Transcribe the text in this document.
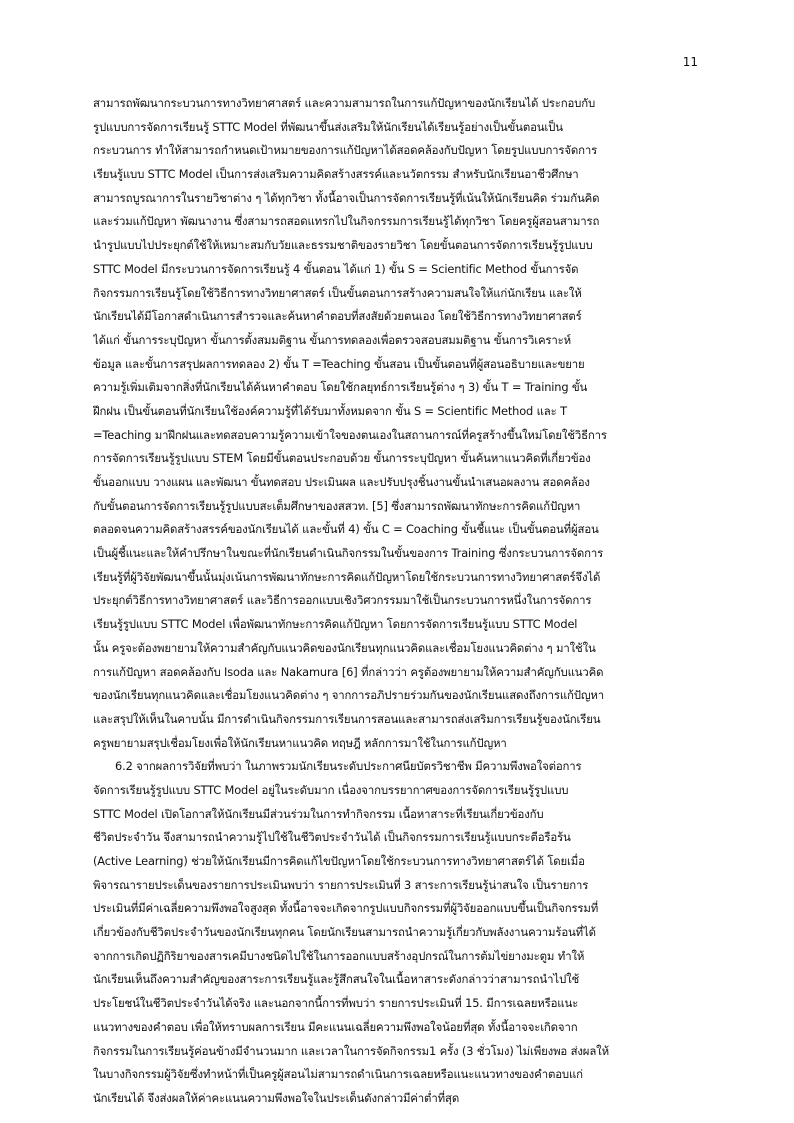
11
สามารถพัฒนากระบวนการทางวิทยาศาสตร์ และความสามารถในการแก้ปัญหาของนักเรียนได้ ประกอบกับ
รูปแบบการจัดการเรียนรู้ STTC Model ที่พัฒนาขึ้นส่งเสริมให้นักเรียนได้เรียนรู้อย่างเป็นขั้นตอนเป็น
กระบวนการ ทำให้สามารถกำหนดเป้าหมายของการแก้ปัญหาได้สอดคล้องกับปัญหา โดยรูปแบบการจัดการ
เรียนรู้แบบ STTC Model เป็นการส่งเสริมความคิดสร้างสรรค์และนวัตกรรม สำหรับนักเรียนอาชีวศึกษา
สามารถบูรณาการในรายวิชาต่าง ๆ ได้ทุกวิชา ทั้งนี้อาจเป็นการจัดการเรียนรู้ที่เน้นให้นักเรียนคิด ร่วมกันคิด
และร่วมแก้ปัญหา พัฒนางาน ซึ่งสามารถสอดแทรกไปในกิจกรรมการเรียนรู้ได้ทุกวิชา โดยครูผู้สอนสามารถ
นำรูปแบบไปประยุกต์ใช้ให้เหมาะสมกับวัยและธรรมชาติของรายวิชา โดยขั้นตอนการจัดการเรียนรู้รูปแบบ
STTC Model มีกระบวนการจัดการเรียนรู้ 4 ขั้นตอน ได้แก่ 1) ขั้น S = Scientific Method ขั้นการจัด
กิจกรรมการเรียนรู้โดยใช้วิธีการทางวิทยาศาสตร์ เป็นขั้นตอนการสร้างความสนใจให้แก่นักเรียน และให้
นักเรียนได้มีโอกาสดำเนินการสำรวจและค้นหาคำตอบที่สงสัยด้วยตนเอง โดยใช้วิธีการทางวิทยาศาสตร์
ได้แก่ ขั้นการระบุปัญหา ขั้นการตั้งสมมติฐาน ขั้นการทดลองเพื่อตรวจสอบสมมติฐาน ขั้นการวิเคราะห์
ข้อมูล และขั้นการสรุปผลการทดลอง 2) ขั้น T =Teaching ขั้นสอน เป็นขั้นตอนที่ผู้สอนอธิบายและขยาย
ความรู้เพิ่มเติมจากสิ่งที่นักเรียนได้ค้นหาคำตอบ โดยใช้กลยุทธ์การเรียนรู้ต่าง ๆ 3) ขั้น T = Training ขั้น
ฝึกฝน เป็นขั้นตอนที่นักเรียนใช้องค์ความรู้ที่ได้รับมาทั้งหมดจาก ขั้น S = Scientific Method และ T
=Teaching มาฝึกฝนและทดสอบความรู้ความเข้าใจของตนเองในสถานการณ์ที่ครูสร้างขึ้นใหม่โดยใช้วิธีการ
การจัดการเรียนรู้รูปแบบ STEM โดยมีขั้นตอนประกอบด้วย ขั้นการระบุปัญหา ขั้นค้นหาแนวคิดที่เกี่ยวข้อง
ขั้นออกแบบ วางแผน และพัฒนา ขั้นทดสอบ ประเมินผล และปรับปรุงชิ้นงานขั้นนำเสนอผลงาน สอดคล้อง
กับขั้นตอนการจัดการเรียนรู้รูปแบบสะเต็มศึกษาของสสวท. [5] ซึ่งสามารถพัฒนาทักษะการคิดแก้ปัญหา
ตลอดจนความคิดสร้างสรรค์ของนักเรียนได้ และขั้นที่ 4) ขั้น C = Coaching ขั้นชี้แนะ เป็นขั้นตอนที่ผู้สอน
เป็นผู้ชี้แนะและให้คำปรึกษาในขณะที่นักเรียนดำเนินกิจกรรมในขั้นของการ Training ซึ่งกระบวนการจัดการ
เรียนรู้ที่ผู้วิจัยพัฒนาขึ้นนั้นมุ่งเน้นการพัฒนาทักษะการคิดแก้ปัญหาโดยใช้กระบวนการทางวิทยาศาสตร์จึงได้
ประยุกต์วิธีการทางวิทยาศาสตร์ และวิธีการออกแบบเชิงวิศวกรรมมาใช้เป็นกระบวนการหนึ่งในการจัดการ
เรียนรู้รูปแบบ STTC Model เพื่อพัฒนาทักษะการคิดแก้ปัญหา โดยการจัดการเรียนรู้แบบ STTC Model
นั้น ครูจะต้องพยายามให้ความสำคัญกับแนวคิดของนักเรียนทุกแนวคิดและเชื่อมโยงแนวคิดต่าง ๆ มาใช้ใน
การแก้ปัญหา สอดคล้องกับ Isoda และ Nakamura [6] ที่กล่าวว่า ครูต้องพยายามให้ความสำคัญกับแนวคิด
ของนักเรียนทุกแนวคิดและเชื่อมโยงแนวคิดต่าง ๆ จากการอภิปรายร่วมกันของนักเรียนแสดงถึงการแก้ปัญหา
และสรุปให้เห็นในคาบนั้น มีการดำเนินกิจกรรมการเรียนการสอนและสามารถส่งเสริมการเรียนรู้ของนักเรียน
ครูพยายามสรุปเชื่อมโยงเพื่อให้นักเรียนหาแนวคิด ทฤษฎี หลักการมาใช้ในการแก้ปัญหา
6.2 จากผลการวิจัยที่พบว่า ในภาพรวมนักเรียนระดับประกาศนียบัตรวิชาชีพ มีความพึงพอใจต่อการ
จัดการเรียนรู้รูปแบบ STTC Model อยู่ในระดับมาก เนื่องจากบรรยากาศของการจัดการเรียนรู้รูปแบบ
STTC Model เปิดโอกาสให้นักเรียนมีส่วนร่วมในการทำกิจกรรม เนื้อหาสาระที่เรียนเกี่ยวข้องกับ
ชีวิตประจำวัน จึงสามารถนำความรู้ไปใช้ในชีวิตประจำวันได้ เป็นกิจกรรมการเรียนรู้แบบกระตือรือร้น
(Active Learning) ช่วยให้นักเรียนมีการคิดแก้ไขปัญหาโดยใช้กระบวนการทางวิทยาศาสตร์ได้ โดยเมื่อ
พิจารณารายประเด็นของรายการประเมินพบว่า รายการประเมินที่ 3 สาระการเรียนรู้น่าสนใจ เป็นรายการ
ประเมินที่มีค่าเฉลี่ยความพึงพอใจสูงสุด ทั้งนี้อาจจะเกิดจากรูปแบบกิจกรรมที่ผู้วิจัยออกแบบขึ้นเป็นกิจกรรมที่
เกี่ยวข้องกับชีวิตประจำวันของนักเรียนทุกคน โดยนักเรียนสามารถนำความรู้เกี่ยวกับพลังงานความร้อนที่ได้
จากการเกิดปฏิกิริยาของสารเคมีบางชนิดไปใช้ในการออกแบบสร้างอุปกรณ์ในการต้มไข่ยางมะตูม ทำให้
นักเรียนเห็นถึงความสำคัญของสาระการเรียนรู้และรู้สึกสนใจในเนื้อหาสาระดังกล่าวว่าสามารถนำไปใช้
ประโยชน์ในชีวิตประจำวันได้จริง และนอกจากนี้การที่พบว่า รายการประเมินที่ 15. มีการเฉลยหรือแนะ
แนวทางของคำตอบ เพื่อให้ทราบผลการเรียน มีคะแนนเฉลี่ยความพึงพอใจน้อยที่สุด ทั้งนี้อาจจะเกิดจาก
กิจกรรมในการเรียนรู้ค่อนข้างมีจำนวนมาก และเวลาในการจัดกิจกรรม1 ครั้ง (3 ชั่วโมง) ไม่เพียงพอ ส่งผลให้
ในบางกิจกรรมผู้วิจัยซึ่งทำหน้าที่เป็นครูผู้สอนไม่สามารถดำเนินการเฉลยหรือแนะแนวทางของคำตอบแก่
นักเรียนได้ จึงส่งผลให้ค่าคะแนนความพึงพอใจในประเด็นดังกล่าวมีค่าต่ำที่สุด
